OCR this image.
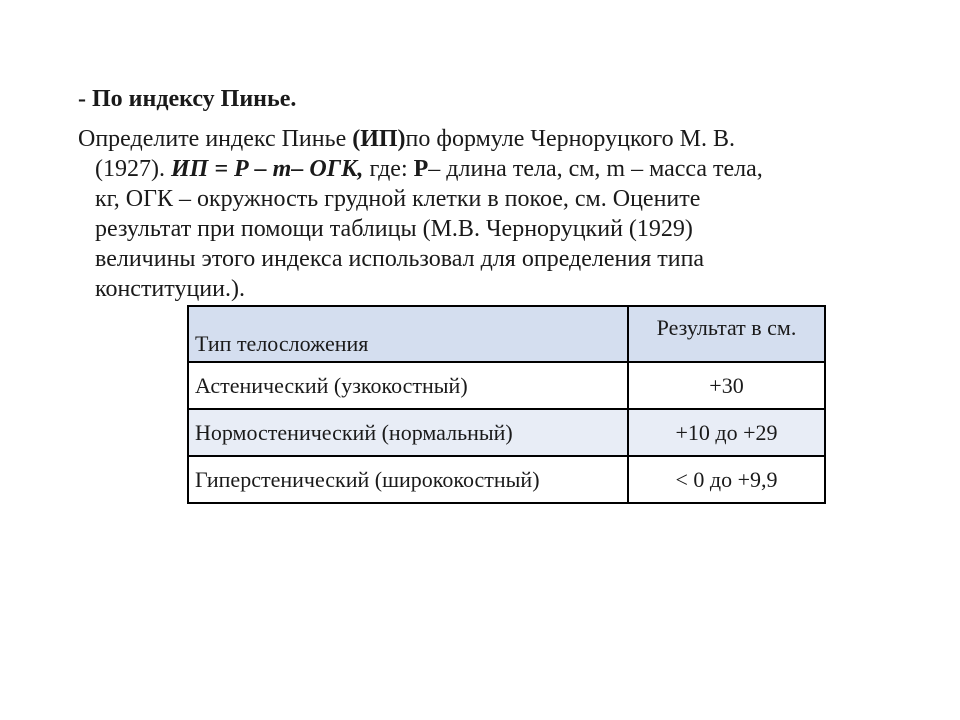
- По индексу Пинье.
Определите индекс Пинье (ИП)по формуле Черноруцкого М. В.
(1927). ИП = Р – m– ОГК, где: Р– длина тела, см, m – масса тела,
кг, ОГК – окружность грудной клетки в покое, см. Оцените
результат при помощи таблицы (М.В. Черноруцкий (1929)
величины этого индекса использовал для определения типа
конституции.).
Тип телосложения	Результат в см.
Астенический (узкокостный)	+30
Нормостенический (нормальный)	+10 до +29
Гиперстенический (ширококостный)	< 0 до +9,9
